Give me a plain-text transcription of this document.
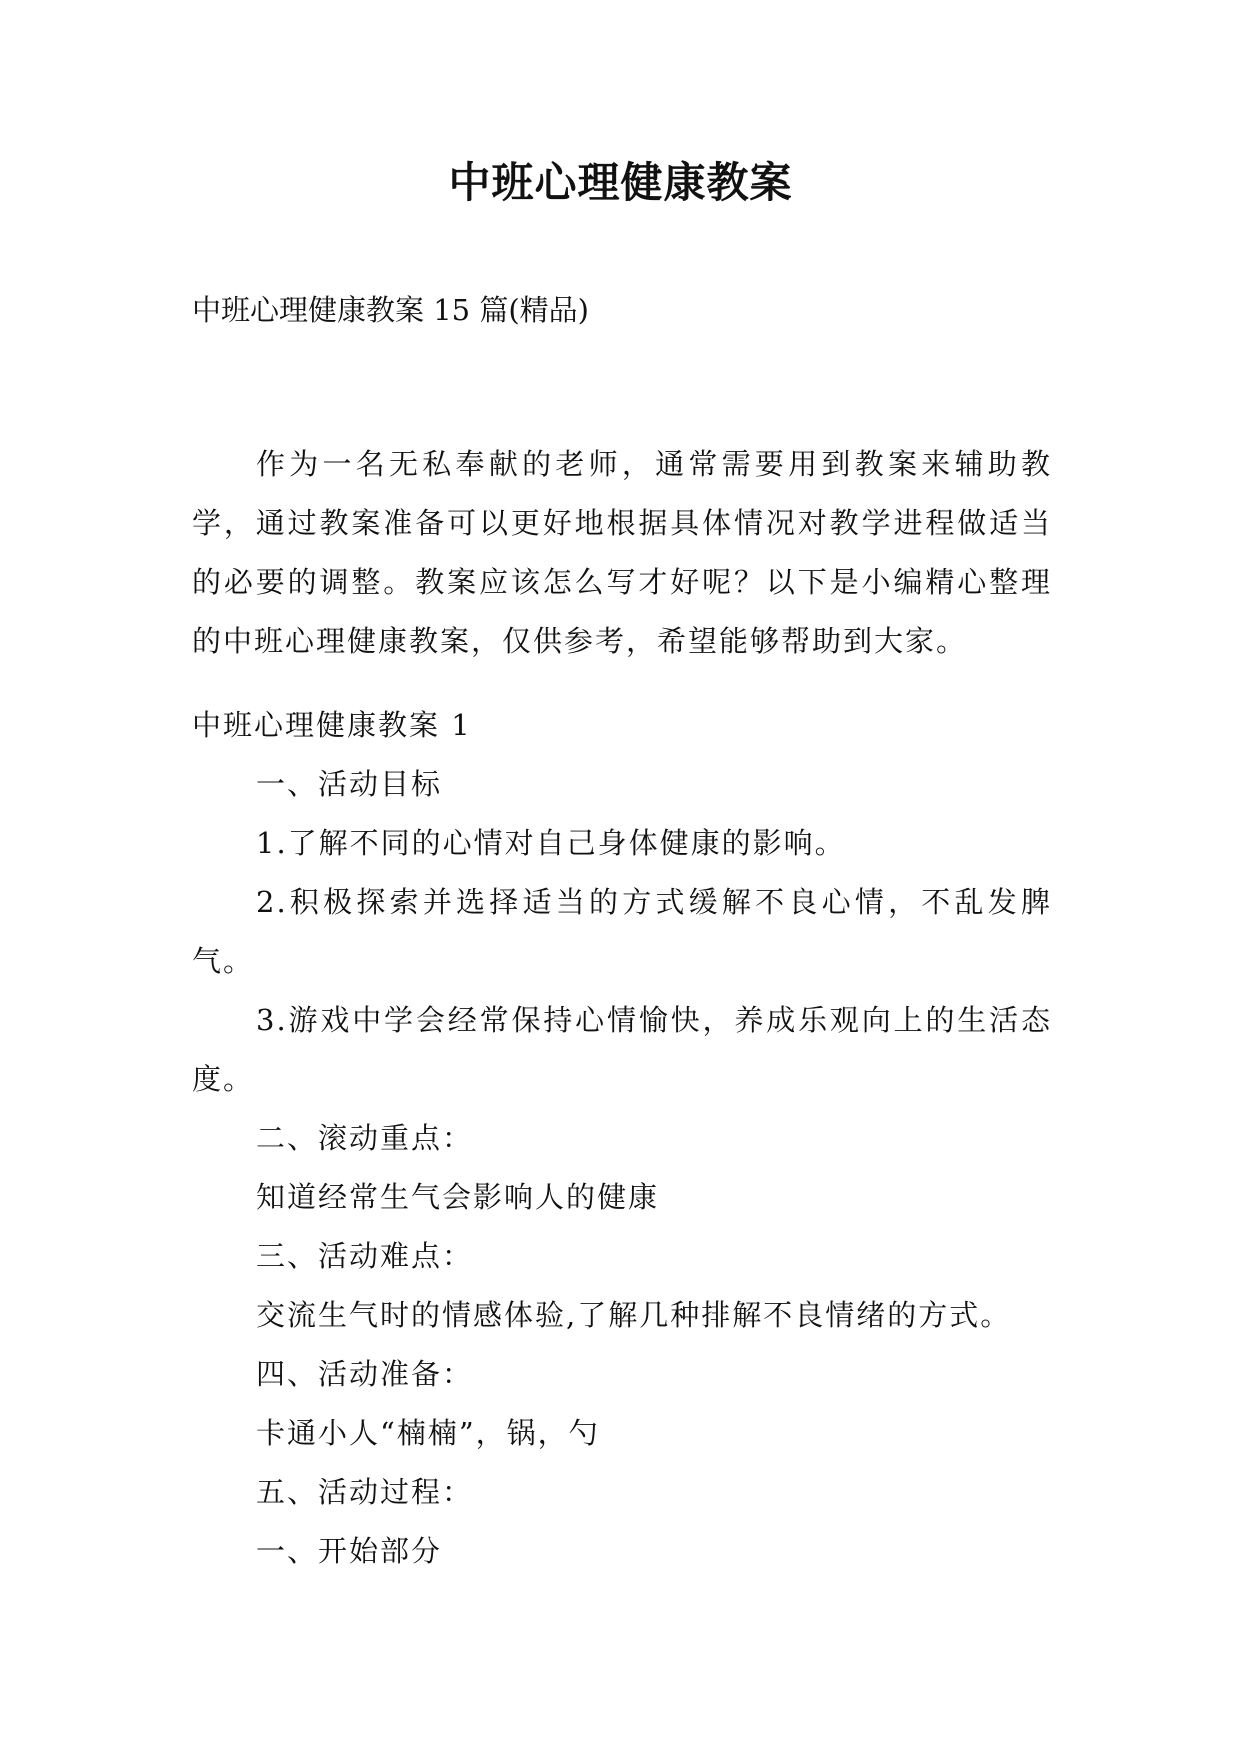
中班心理健康教案
中班心理健康教案 15 篇(精品)

作为一名无私奉献的老师，通常需要用到教案来辅助教学，通过教案准备可以更好地根据具体情况对教学进程做适当的必要的调整。教案应该怎么写才好呢？以下是小编精心整理的中班心理健康教案，仅供参考，希望能够帮助到大家。

中班心理健康教案 1

一、活动目标

1.了解不同的心情对自己身体健康的影响。

2.积极探索并选择适当的方式缓解不良心情，不乱发脾气。

3.游戏中学会经常保持心情愉快，养成乐观向上的生活态度。

二、滚动重点：

知道经常生气会影响人的健康

三、活动难点：

交流生气时的情感体验,了解几种排解不良情绪的方式。

四、活动准备：

卡通小人“楠楠”，锅，勺

五、活动过程：

一、开始部分
